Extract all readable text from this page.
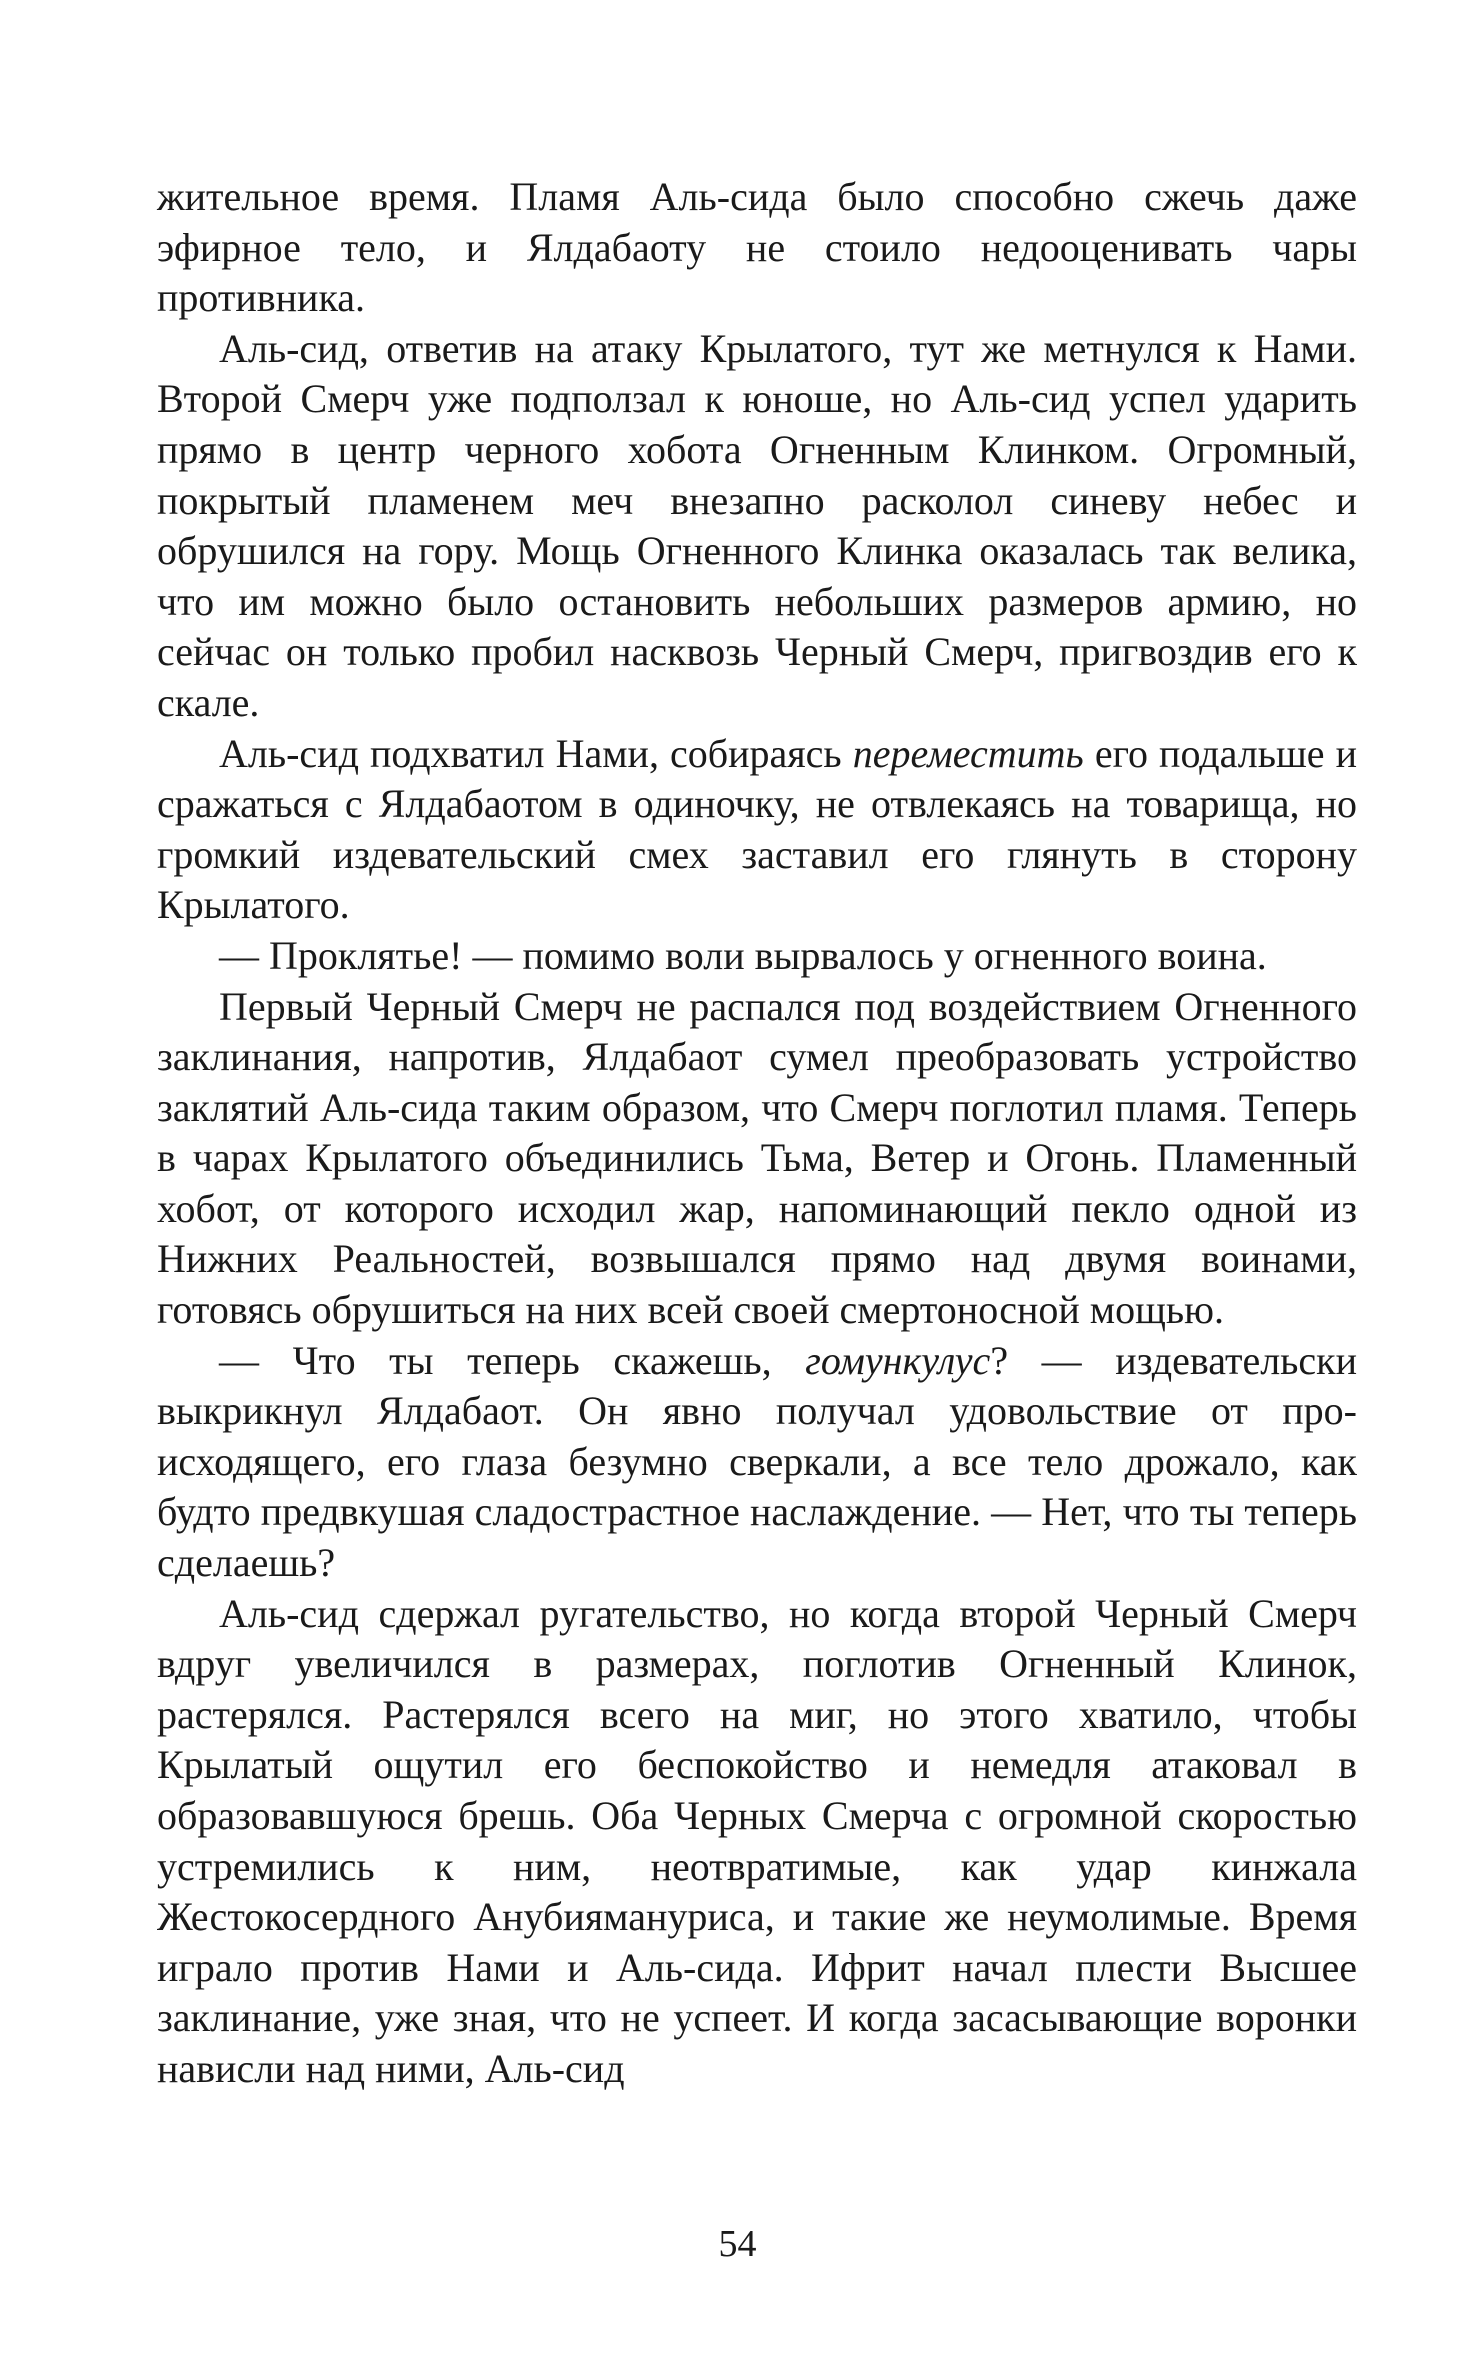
жительное время. Пламя Аль-сида было способно сжечь даже эфирное тело, и Ялдабаоту не стоило недооценивать чары противника.

Аль-сид, ответив на атаку Крылатого, тут же метнулся к Нами. Второй Смерч уже подползал к юноше, но Аль-сид успел ударить прямо в центр черного хобота Огненным Клинком. Огромный, покрытый пламенем меч внезапно расколол синеву небес и обрушился на гору. Мощь Огненного Клинка оказалась так велика, что им можно было остановить небольших размеров армию, но сейчас он только пробил насквозь Черный Смерч, пригвоздив его к скале.

Аль-сид подхватил Нами, собираясь переместить его подальше и сражаться с Ялдабаотом в одиночку, не отвлекаясь на товарища, но громкий издевательский смех заставил его глянуть в сторону Крылатого.

— Проклятье! — помимо воли вырвалось у огненного воина.

Первый Черный Смерч не распался под воздействием Огненного заклинания, напротив, Ялдабаот сумел преобразовать устройство заклятий Аль-сида таким образом, что Смерч поглотил пламя. Теперь в чарах Крылатого объединились Тьма, Ветер и Огонь. Пламенный хобот, от которого исходил жар, напоминающий пекло одной из Нижних Реальностей, возвышался прямо над двумя воинами, готовясь обрушиться на них всей своей смертоносной мощью.

— Что ты теперь скажешь, гомункулус? — издевательски выкрикнул Ялдабаот. Он явно получал удовольствие от происходящего, его глаза безумно сверкали, а все тело дрожало, как будто предвкушая сладострастное наслаждение. — Нет, что ты теперь сделаешь?

Аль-сид сдержал ругательство, но когда второй Черный Смерч вдруг увеличился в размерах, поглотив Огненный Клинок, растерялся. Растерялся всего на миг, но этого хватило, чтобы Крылатый ощутил его беспокойство и немедля атаковал в образовавшуюся брешь. Оба Черных Смерча с огромной скоростью устремились к ним, неотвратимые, как удар кинжала Жестокосердного Анубиямануриса, и такие же неумолимые. Время играло против Нами и Аль-сида. Ифрит начал плести Высшее заклинание, уже зная, что не успеет. И когда засасывающие воронки нависли над ними, Аль-сид

54
